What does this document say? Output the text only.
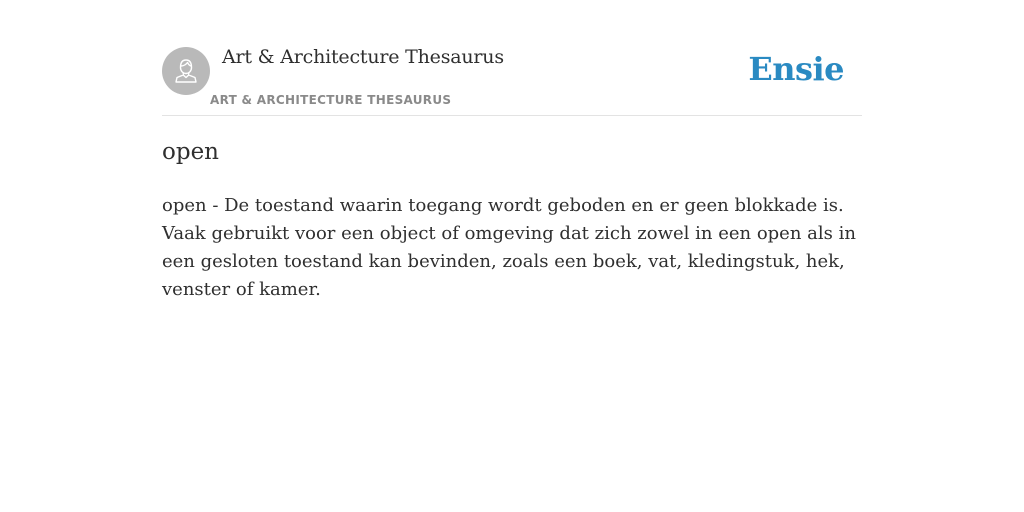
Art & Architecture Thesaurus
ART & ARCHITECTURE THESAURUS
Ensie
open

open - De toestand waarin toegang wordt geboden en er geen blokkade is. Vaak gebruikt voor een object of omgeving dat zich zowel in een open als in een gesloten toestand kan bevinden, zoals een boek, vat, kledingstuk, hek, venster of kamer.
